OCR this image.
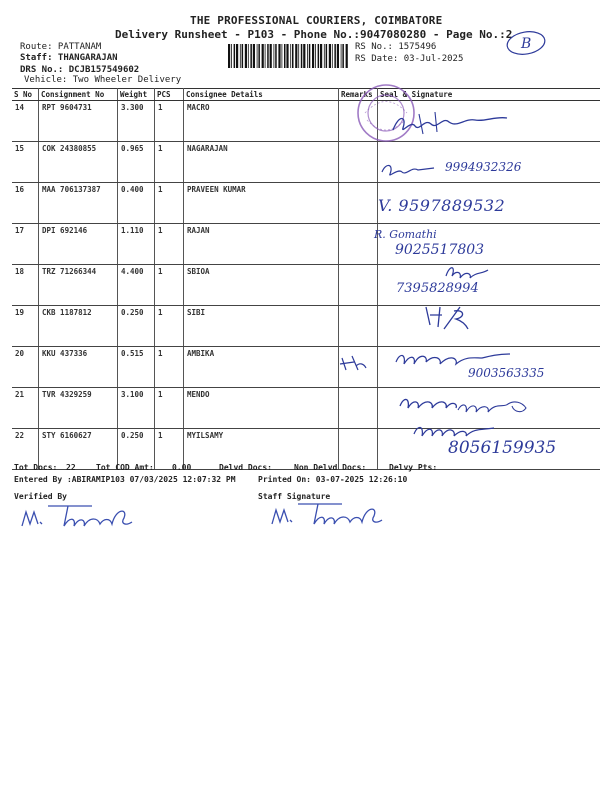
THE PROFESSIONAL COURIERS, COIMBATORE
Delivery Runsheet - P103 - Phone No.:9047080280 - Page No.:2
Route: PATTANAM
Staff: THANGARAJAN
DRS No.: DCJB157549602
Vehicle: Two Wheeler Delivery
RS No.: 1575496
RS Date: 03-Jul-2025
B
S No	Consignment No	Weight	PCS	Consignee Details	Remarks	Seal & Signature
14	RPT 9604731	3.300	1	MACRO		
15	COK 24380855	0.965	1	NAGARAJAN		
16	MAA 706137387	0.400	1	PRAVEEN KUMAR		
17	DPI 692146	1.110	1	RAJAN		
18	TRZ 71266344	4.400	1	SBIOA		
19	CKB 1187812	0.250	1	SIBI		
20	KKU 437336	0.515	1	AMBIKA		
21	TVR 4329259	3.100	1	MENDO		
22	STY 6160627	0.250	1	MYILSAMY		
9994932326
V. 9597889532
R. Gomathi
9025517803
7395828994
9003563335
8056159935
Tot Docs: 22	Tot COD Amt: 0.00	Delvd Docs:	Non Delvd Docs:	Delvy Pts:
Entered By :ABIRAMIP103 07/03/2025 12:07:32 PM	Printed On: 03-07-2025 12:26:10
Verified By	Staff Signature
